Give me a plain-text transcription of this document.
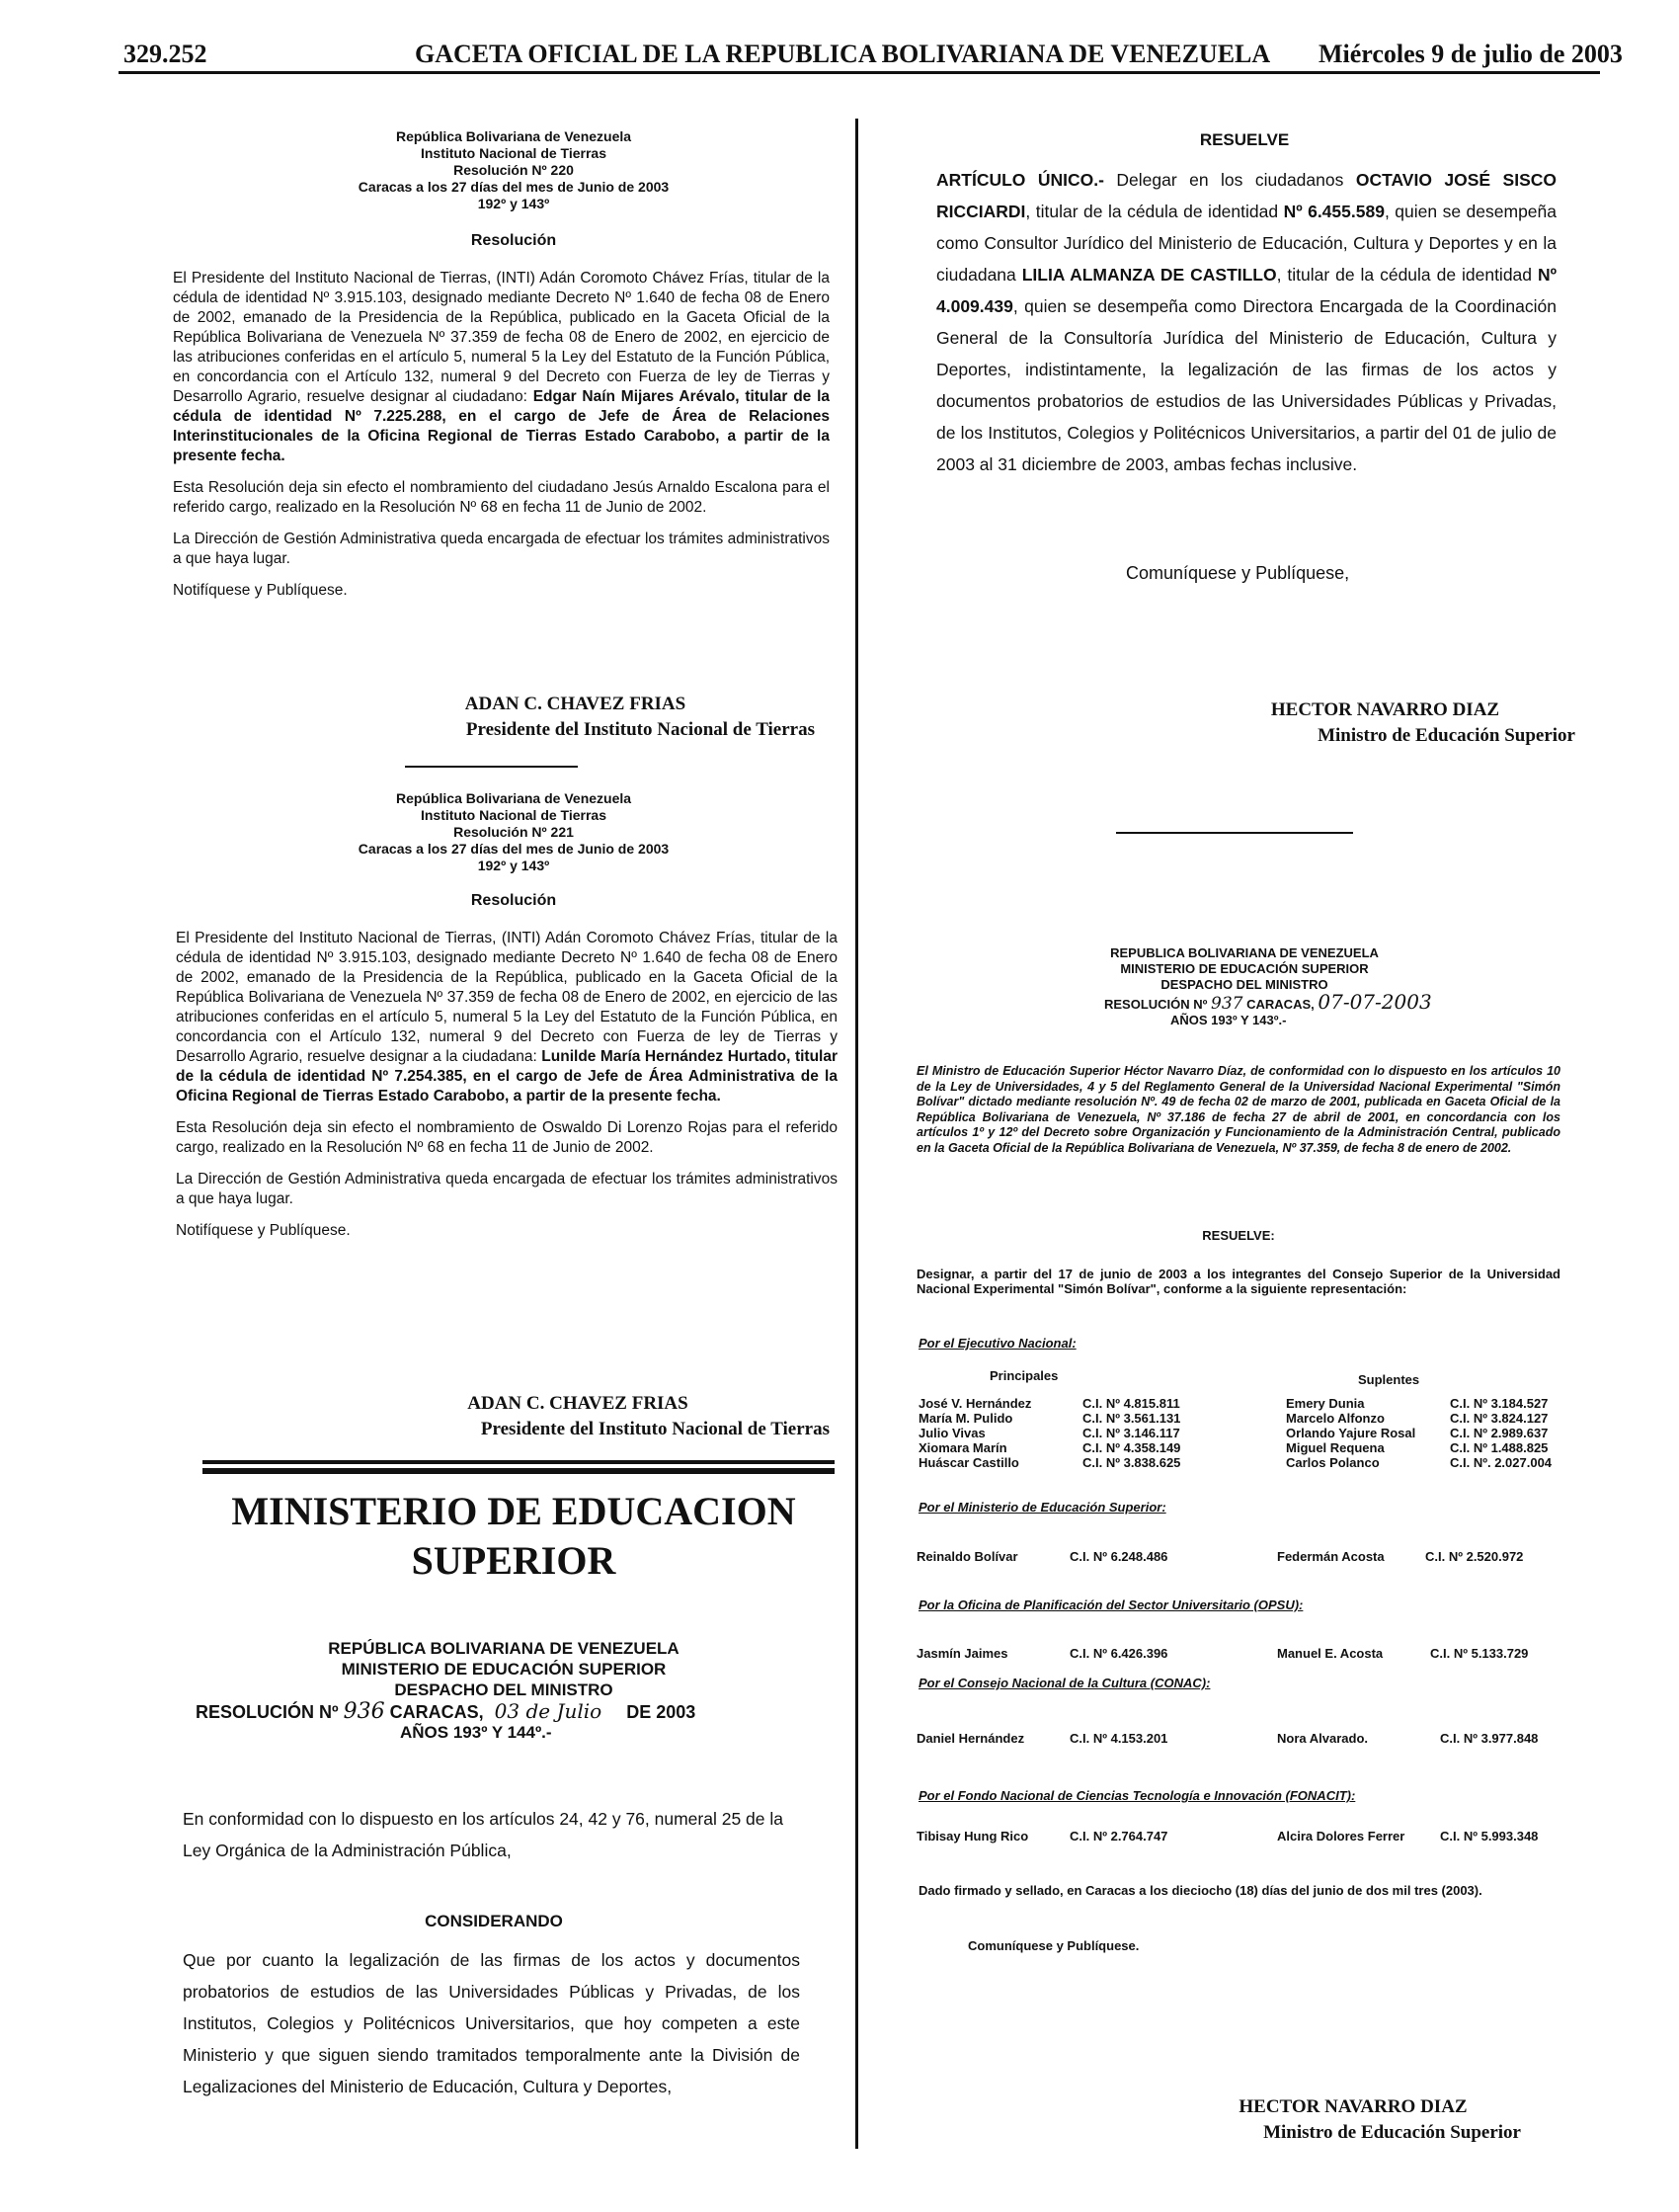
329.252	GACETA OFICIAL DE LA REPUBLICA BOLIVARIANA DE VENEZUELA Miércoles 9 de julio de 2003
República Bolivariana de Venezuela
Instituto Nacional de Tierras
Resolución Nº 220
Caracas a los 27 días del mes de Junio de 2003
192º y 143º
Resolución

El Presidente del Instituto Nacional de Tierras, (INTI) Adán Coromoto Chávez Frías, titular de la cédula de identidad Nº 3.915.103, designado mediante Decreto Nº 1.640 de fecha 08 de Enero de 2002, emanado de la Presidencia de la República, publicado en la Gaceta Oficial de la República Bolivariana de Venezuela Nº 37.359 de fecha 08 de Enero de 2002, en ejercicio de las atribuciones conferidas en el artículo 5, numeral 5 la Ley del Estatuto de la Función Pública, en concordancia con el Artículo 132, numeral 9 del Decreto con Fuerza de ley de Tierras y Desarrollo Agrario, resuelve designar al ciudadano: Edgar Naín Mijares Arévalo, titular de la cédula de identidad Nº 7.225.288, en el cargo de Jefe de Área de Relaciones Interinstitucionales de la Oficina Regional de Tierras Estado Carabobo, a partir de la presente fecha.

Esta Resolución deja sin efecto el nombramiento del ciudadano Jesús Arnaldo Escalona para el referido cargo, realizado en la Resolución Nº 68 en fecha 11 de Junio de 2002.

La Dirección de Gestión Administrativa queda encargada de efectuar los trámites administrativos a que haya lugar.

Notifíquese y Publíquese.

ADAN C. CHAVEZ FRIAS
Presidente del Instituto Nacional de Tierras
República Bolivariana de Venezuela
Instituto Nacional de Tierras
Resolución Nº 221
Caracas a los 27 días del mes de Junio de 2003
192º y 143º
Resolución

El Presidente del Instituto Nacional de Tierras, (INTI) Adán Coromoto Chávez Frías, titular de la cédula de identidad Nº 3.915.103, designado mediante Decreto Nº 1.640 de fecha 08 de Enero de 2002, emanado de la Presidencia de la República, publicado en la Gaceta Oficial de la República Bolivariana de Venezuela Nº 37.359 de fecha 08 de Enero de 2002, en ejercicio de las atribuciones conferidas en el artículo 5, numeral 5 la Ley del Estatuto de la Función Pública, en concordancia con el Artículo 132, numeral 9 del Decreto con Fuerza de ley de Tierras y Desarrollo Agrario, resuelve designar a la ciudadana: Lunilde María Hernández Hurtado, titular de la cédula de identidad Nº 7.254.385, en el cargo de Jefe de Área Administrativa de la Oficina Regional de Tierras Estado Carabobo, a partir de la presente fecha.

Esta Resolución deja sin efecto el nombramiento de Oswaldo Di Lorenzo Rojas para el referido cargo, realizado en la Resolución Nº 68 en fecha 11 de Junio de 2002.

La Dirección de Gestión Administrativa queda encargada de efectuar los trámites administrativos a que haya lugar.

Notifíquese y Publíquese.

ADAN C. CHAVEZ FRIAS
Presidente del Instituto Nacional de Tierras
MINISTERIO DE EDUCACION
SUPERIOR
REPÚBLICA BOLIVARIANA DE VENEZUELA
MINISTERIO DE EDUCACIÓN SUPERIOR
DESPACHO DEL MINISTRO
RESOLUCIÓN Nº 936 CARACAS, 03 de Julio DE 2003
AÑOS 193º Y 144º.-
En conformidad con lo dispuesto en los artículos 24, 42 y 76, numeral 25 de la Ley Orgánica de la Administración Pública,
CONSIDERANDO
Que por cuanto la legalización de las firmas de los actos y documentos probatorios de estudios de las Universidades Públicas y Privadas, de los Institutos, Colegios y Politécnicos Universitarios, que hoy competen a este Ministerio y que siguen siendo tramitados temporalmente ante la División de Legalizaciones del Ministerio de Educación, Cultura y Deportes,
RESUELVE
ARTÍCULO ÚNICO.- Delegar en los ciudadanos OCTAVIO JOSÉ SISCO RICCIARDI, titular de la cédula de identidad Nº 6.455.589, quien se desempeña como Consultor Jurídico del Ministerio de Educación, Cultura y Deportes y en la ciudadana LILIA ALMANZA DE CASTILLO, titular de la cédula de identidad Nº 4.009.439, quien se desempeña como Directora Encargada de la Coordinación General de la Consultoría Jurídica del Ministerio de Educación, Cultura y Deportes, indistintamente, la legalización de las firmas de los actos y documentos probatorios de estudios de las Universidades Públicas y Privadas, de los Institutos, Colegios y Politécnicos Universitarios, a partir del 01 de julio de 2003 al 31 diciembre de 2003, ambas fechas inclusive.
Comuníquese y Publíquese,
HECTOR NAVARRO DIAZ
Ministro de Educación Superior
REPUBLICA BOLIVARIANA DE VENEZUELA
MINISTERIO DE EDUCACIÓN SUPERIOR
DESPACHO DEL MINISTRO
RESOLUCIÓN Nº 937 CARACAS, 07-07-2003
AÑOS 193º Y 143º.-
El Ministro de Educación Superior Héctor Navarro Díaz, de conformidad con lo dispuesto en los artículos 10 de la Ley de Universidades, 4 y 5 del Reglamento General de la Universidad Nacional Experimental "Simón Bolívar" dictado mediante resolución Nº. 49 de fecha 02 de marzo de 2001, publicada en Gaceta Oficial de la República Bolivariana de Venezuela, Nº 37.186 de fecha 27 de abril de 2001, en concordancia con los artículos 1º y 12º del Decreto sobre Organización y Funcionamiento de la Administración Central, publicado en la Gaceta Oficial de la República Bolivariana de Venezuela, Nº 37.359, de fecha 8 de enero de 2002.
RESUELVE:
Designar, a partir del 17 de junio de 2003 a los integrantes del Consejo Superior de la Universidad Nacional Experimental "Simón Bolívar", conforme a la siguiente representación:
Por el Ejecutivo Nacional:
Principales	Suplentes
José V. Hernández	C.I. Nº 4.815.811	Emery Dunia	C.I. Nº 3.184.527
María M. Pulido	C.I. Nº 3.561.131	Marcelo Alfonzo	C.I. Nº 3.824.127
Julio Vivas	C.I. Nº 3.146.117	Orlando Yajure Rosal	C.I. Nº 2.989.637
Xiomara Marín	C.I. Nº 4.358.149	Miguel Requena	C.I. Nº 1.488.825
Huáscar Castillo	C.I. Nº 3.838.625	Carlos Polanco	C.I. Nº. 2.027.004
Por el Ministerio de Educación Superior:
Reinaldo Bolívar	C.I. Nº 6.248.486	Federmán Acosta	C.I. Nº 2.520.972
Por la Oficina de Planificación del Sector Universitario (OPSU):
Jasmín Jaimes	C.I. Nº 6.426.396	Manuel E. Acosta	C.I. Nº 5.133.729
Por el Consejo Nacional de la Cultura (CONAC):
Daniel Hernández	C.I. Nº 4.153.201	Nora Alvarado.	C.I. Nº 3.977.848
Por el Fondo Nacional de Ciencias Tecnología e Innovación (FONACIT):
Tibisay Hung Rico	C.I. Nº 2.764.747	Alcira Dolores Ferrer	C.I. Nº 5.993.348
Dado firmado y sellado, en Caracas a los dieciocho (18) días del junio de dos mil tres (2003).
Comuníquese y Publíquese.
HECTOR NAVARRO DIAZ
Ministro de Educación Superior
